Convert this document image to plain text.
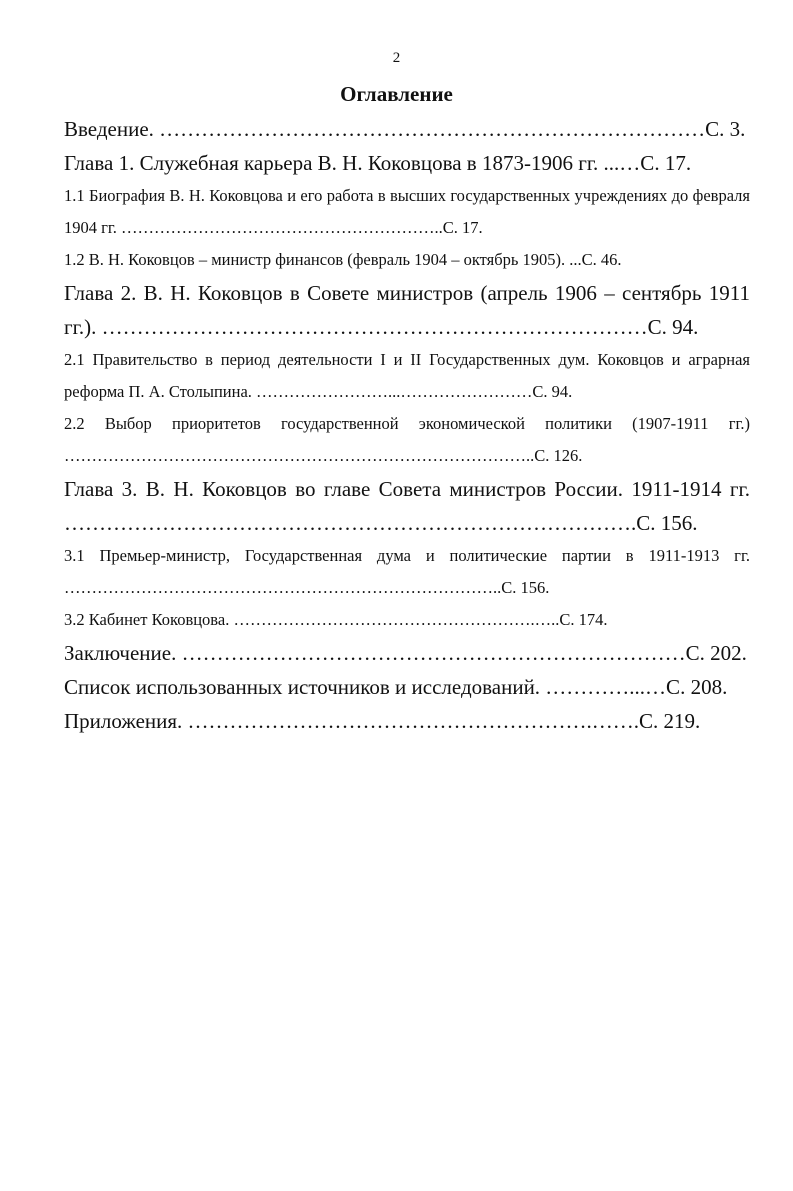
2
Оглавление

Введение. ……………………………………………………………………С. 3.

Глава 1. Служебная карьера В. Н. Коковцова в 1873-1906 гг. ...…С. 17.

1.1 Биография В. Н. Коковцова и его работа в высших государственных учреждениях до февраля 1904 гг. …………………………………………………..С. 17.

1.2 В. Н. Коковцов – министр финансов (февраль 1904 – октябрь 1905). ...С. 46.

Глава 2. В. Н. Коковцов в Совете министров (апрель 1906 – сентябрь 1911 гг.). ……………………………………………………………………С. 94.

2.1 Правительство в период деятельности I и II Государственных дум. Коковцов и аграрная реформа П. А. Столыпина. ……………………...……………………С. 94.

2.2 Выбор приоритетов государственной экономической политики (1907-1911 гг.) …………………………………………………………………………..С. 126.

Глава 3. В. Н. Коковцов во главе Совета министров России. 1911-1914 гг. ……………………………………………………………………….С. 156.

3.1 Премьер-министр, Государственная дума и политические партии в 1911-1913 гг. ……………………………………………………………………..С. 156.

3.2 Кабинет Коковцова. ……………………………………………….…..С. 174.

Заключение. ………………………………………………………………С. 202.

Список использованных источников и исследований. …………...…С. 208.

Приложения. ………………………………………………….…….С. 219.
